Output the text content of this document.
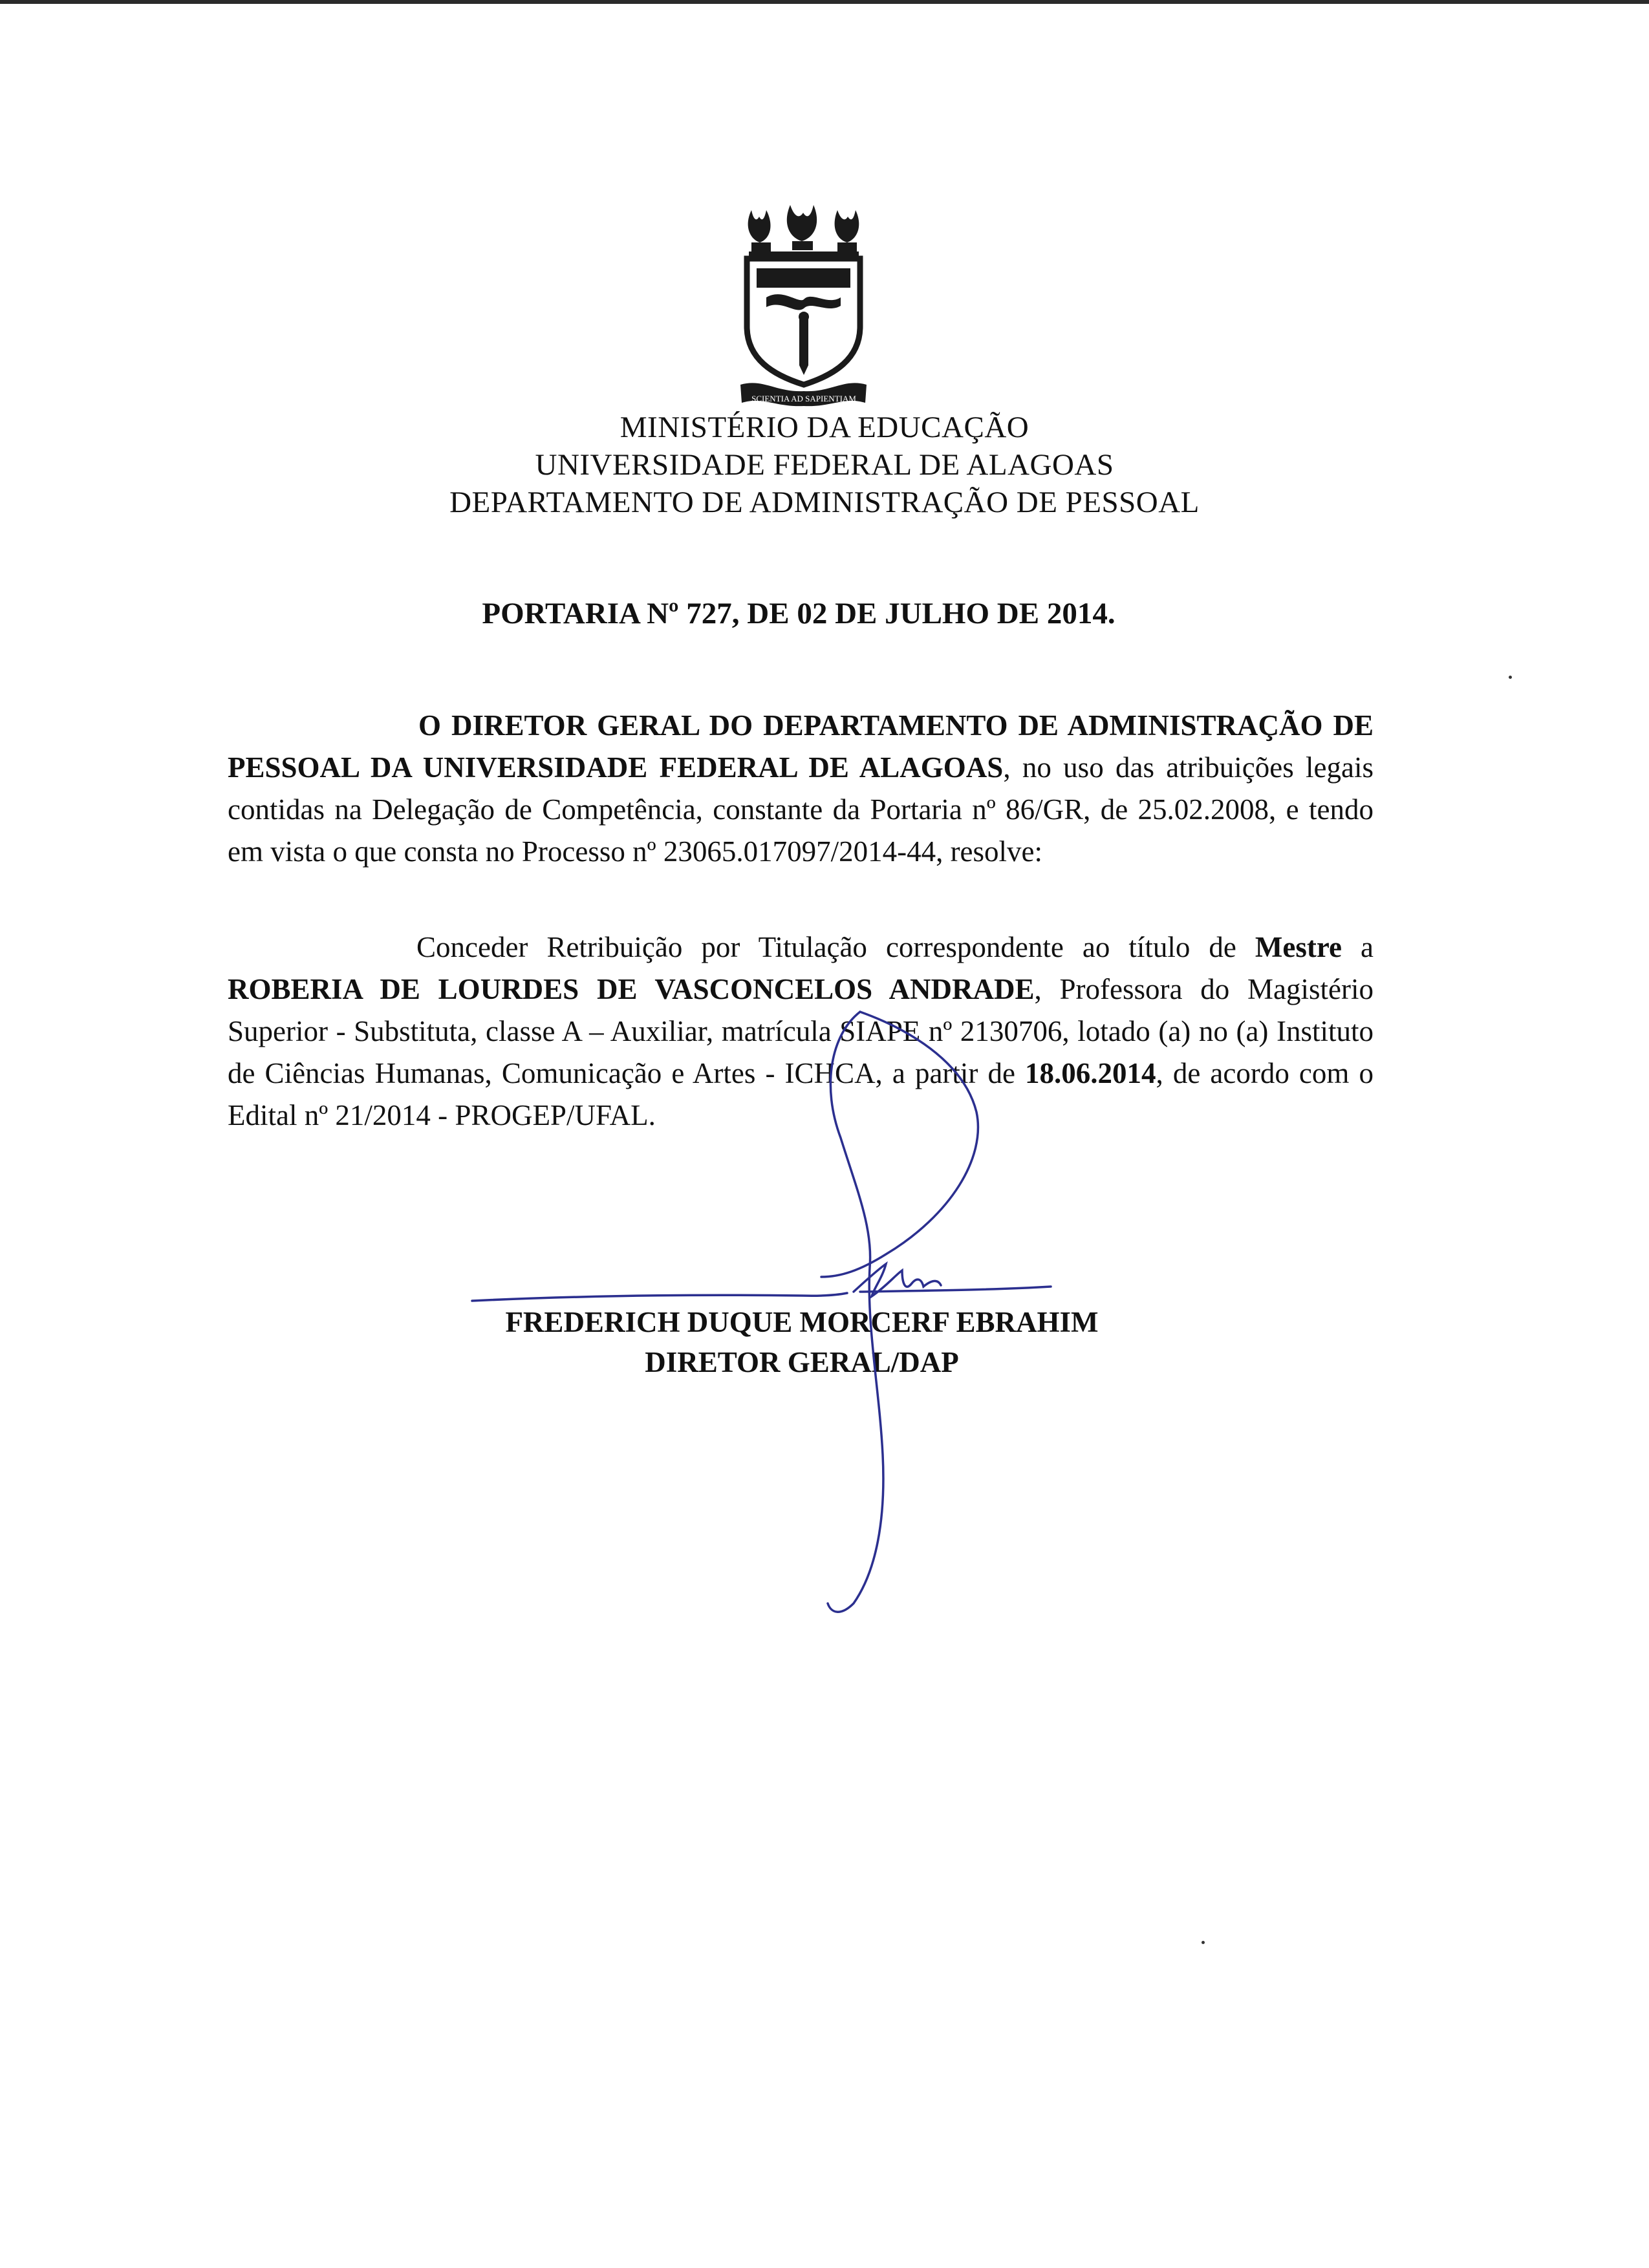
SCIENTIA AD SAPIENTIAM
MINISTÉRIO DA EDUCAÇÃO
UNIVERSIDADE FEDERAL DE ALAGOAS
DEPARTAMENTO DE ADMINISTRAÇÃO DE PESSOAL
PORTARIA Nº 727, DE 02 DE JULHO DE 2014.
O DIRETOR GERAL DO DEPARTAMENTO DE ADMINISTRAÇÃO DE PESSOAL DA UNIVERSIDADE FEDERAL DE ALAGOAS, no uso das atribuições legais contidas na Delegação de Competência, constante da Portaria nº 86/GR, de 25.02.2008, e tendo em vista o que consta no Processo nº 23065.017097/2014-44, resolve:
Conceder Retribuição por Titulação correspondente ao título de Mestre a ROBERIA DE LOURDES DE VASCONCELOS ANDRADE, Professora do Magistério Superior - Substituta, classe A – Auxiliar, matrícula SIAPE nº 2130706, lotado (a) no (a) Instituto de Ciências Humanas, Comunicação e Artes - ICHCA, a partir de 18.06.2014, de acordo com o Edital nº 21/2014 - PROGEP/UFAL.
FREDERICH DUQUE MORCERF EBRAHIM
DIRETOR GERAL/DAP
